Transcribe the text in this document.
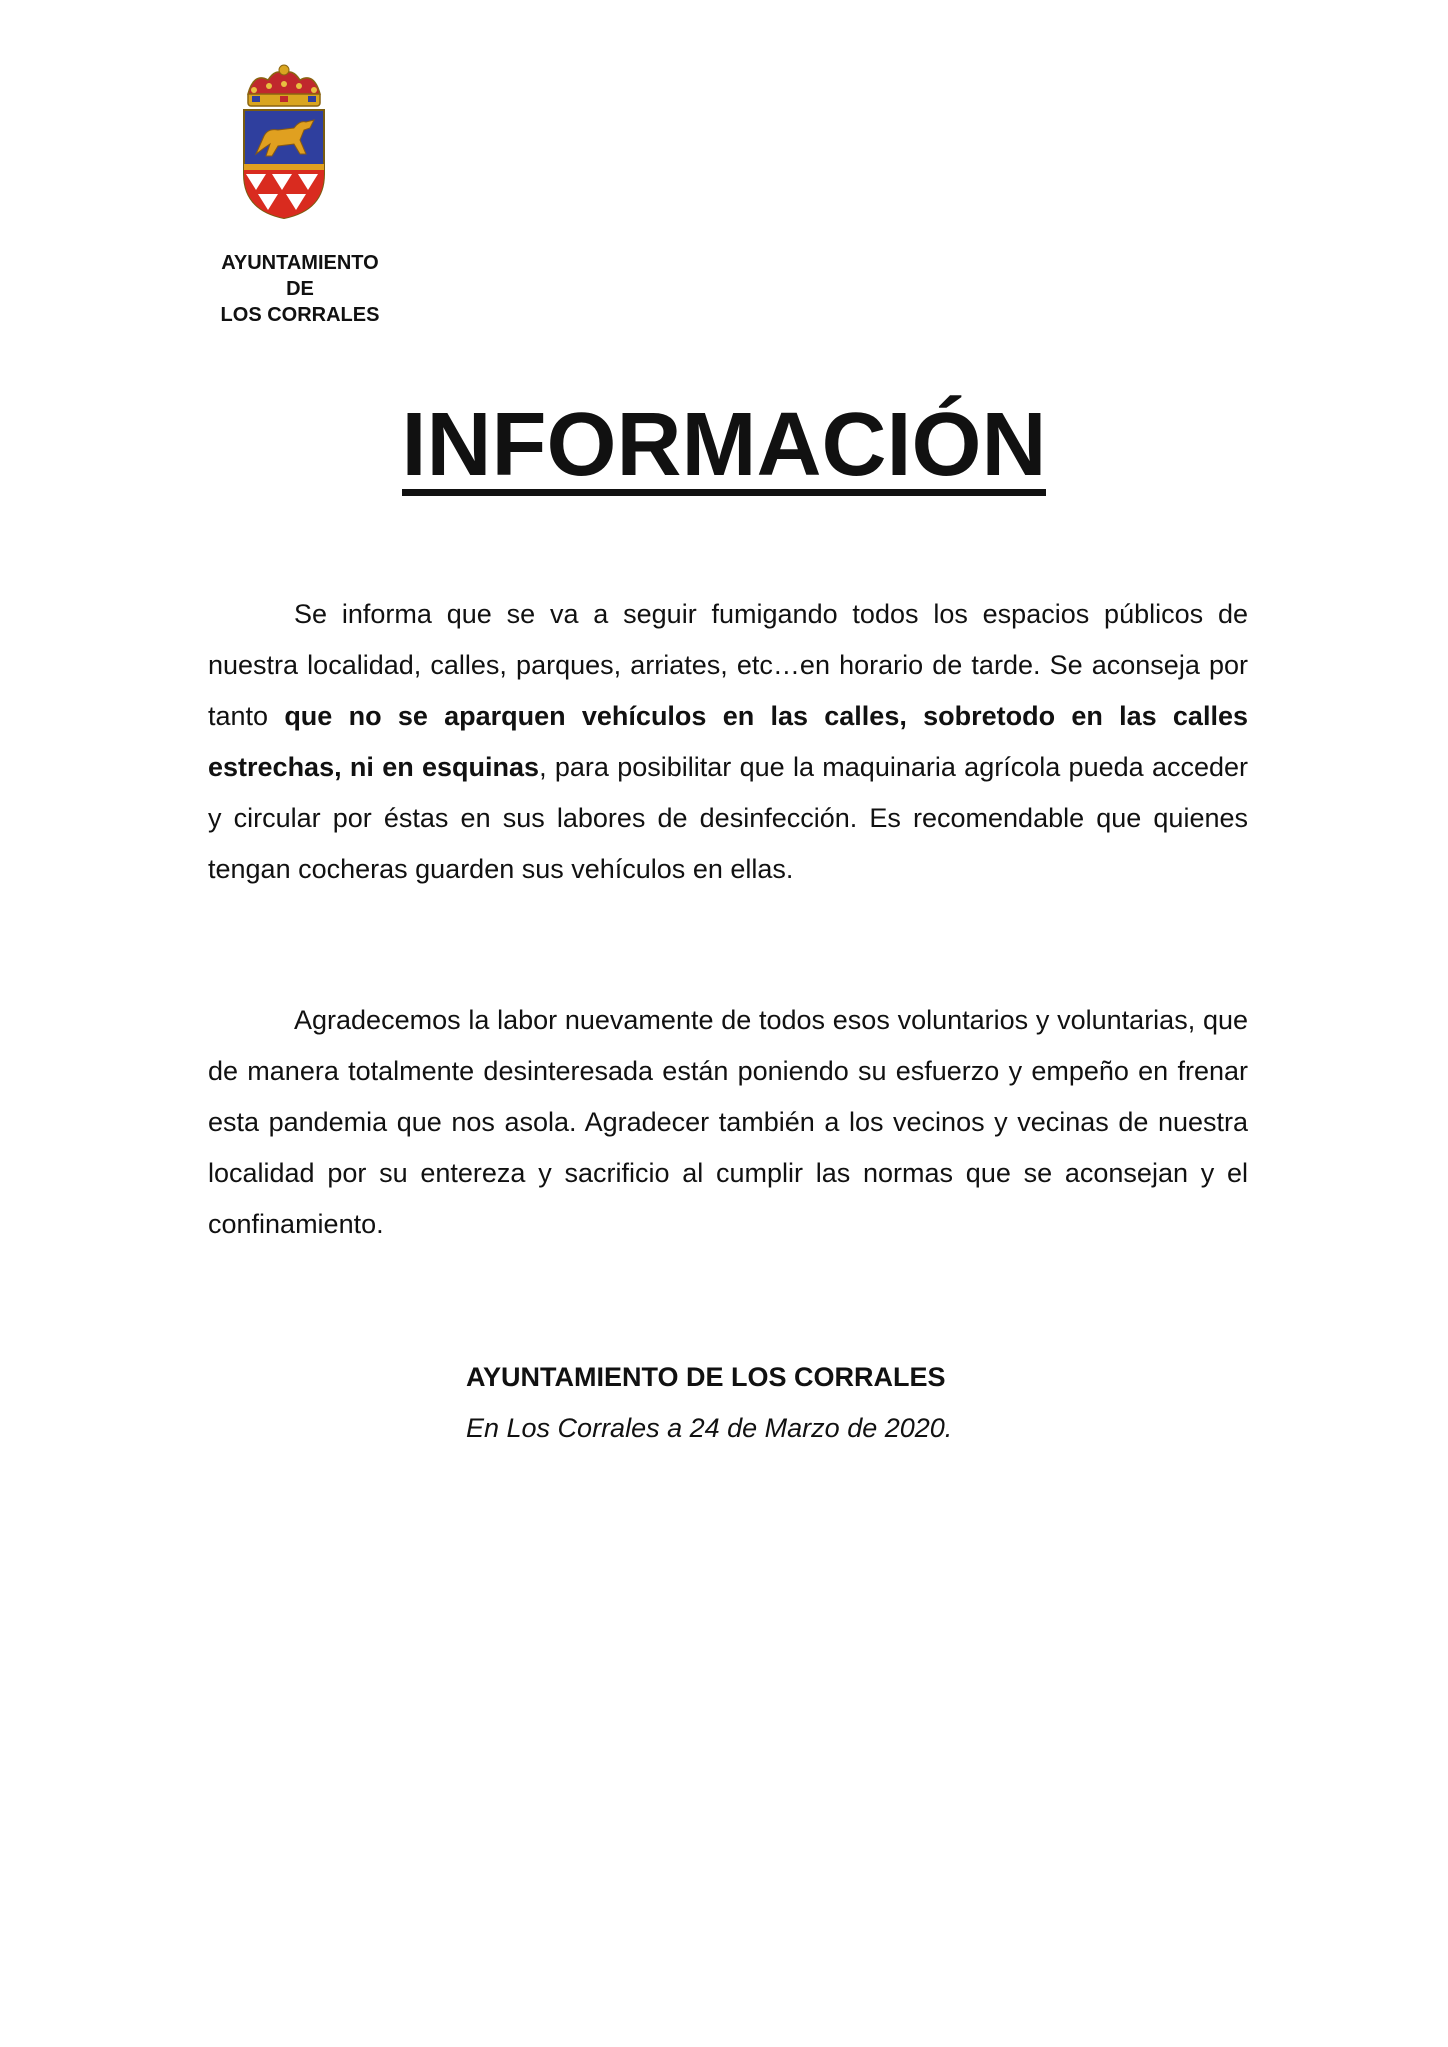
AYUNTAMIENTO
DE
LOS CORRALES
INFORMACIÓN

Se informa que se va a seguir fumigando todos los espacios públicos de nuestra localidad, calles, parques, arriates, etc…en horario de tarde. Se aconseja por tanto que no se aparquen vehículos en las calles, sobretodo en las calles estrechas, ni en esquinas, para posibilitar que la maquinaria agrícola pueda acceder y circular por éstas en sus labores de desinfección. Es recomendable que quienes tengan cocheras guarden sus vehículos en ellas.

Agradecemos la labor nuevamente de todos esos voluntarios y voluntarias, que de manera totalmente desinteresada están poniendo su esfuerzo y empeño en frenar esta pandemia que nos asola. Agradecer también a los vecinos y vecinas de nuestra localidad por su entereza y sacrificio al cumplir las normas que se aconsejan y el confinamiento.

AYUNTAMIENTO DE LOS CORRALES
En Los Corrales a 24 de Marzo de 2020.
